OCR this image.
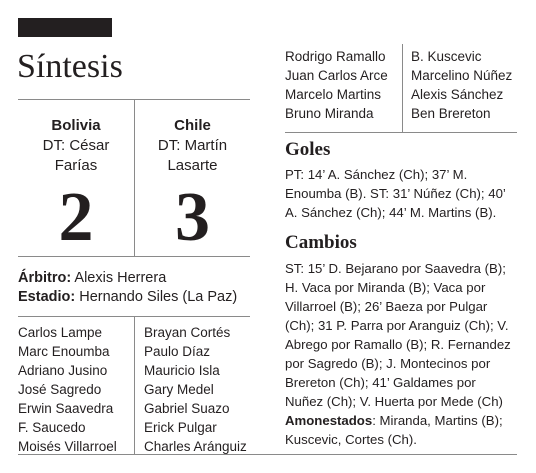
Síntesis
Bolivia
DT: César
Farías
Chile
DT: Martín
Lasarte
2	3
Árbitro: Alexis Herrera
Estadio: Hernando Siles (La Paz)
Carlos Lampe
Marc Enoumba
Adriano Jusino
José Sagredo
Erwin Saavedra
F. Saucedo
Moisés Villarroel
Brayan Cortés
Paulo Díaz
Mauricio Isla
Gary Medel
Gabriel Suazo
Erick Pulgar
Charles Aránguiz
Rodrigo Ramallo
Juan Carlos Arce
Marcelo Martins
Bruno Miranda
B. Kuscevic
Marcelino Núñez
Alexis Sánchez
Ben Brereton
Goles
PT: 14’ A. Sánchez (Ch); 37’ M.
Enoumba (B). ST: 31’ Núñez (Ch); 40’
A. Sánchez (Ch); 44’ M. Martins (B).
Cambios
ST: 15’ D. Bejarano por Saavedra (B);
H. Vaca por Miranda (B); Vaca por
Villarroel (B); 26’ Baeza por Pulgar
(Ch); 31 P. Parra por Aranguiz (Ch); V.
Abrego por Ramallo (B); R. Fernandez
por Sagredo (B); J. Montecinos por
Brereton (Ch); 41’ Galdames por
Nuñez (Ch); V. Huerta por Mede (Ch)
Amonestados: Miranda, Martins (B);
Kuscevic, Cortes (Ch).
